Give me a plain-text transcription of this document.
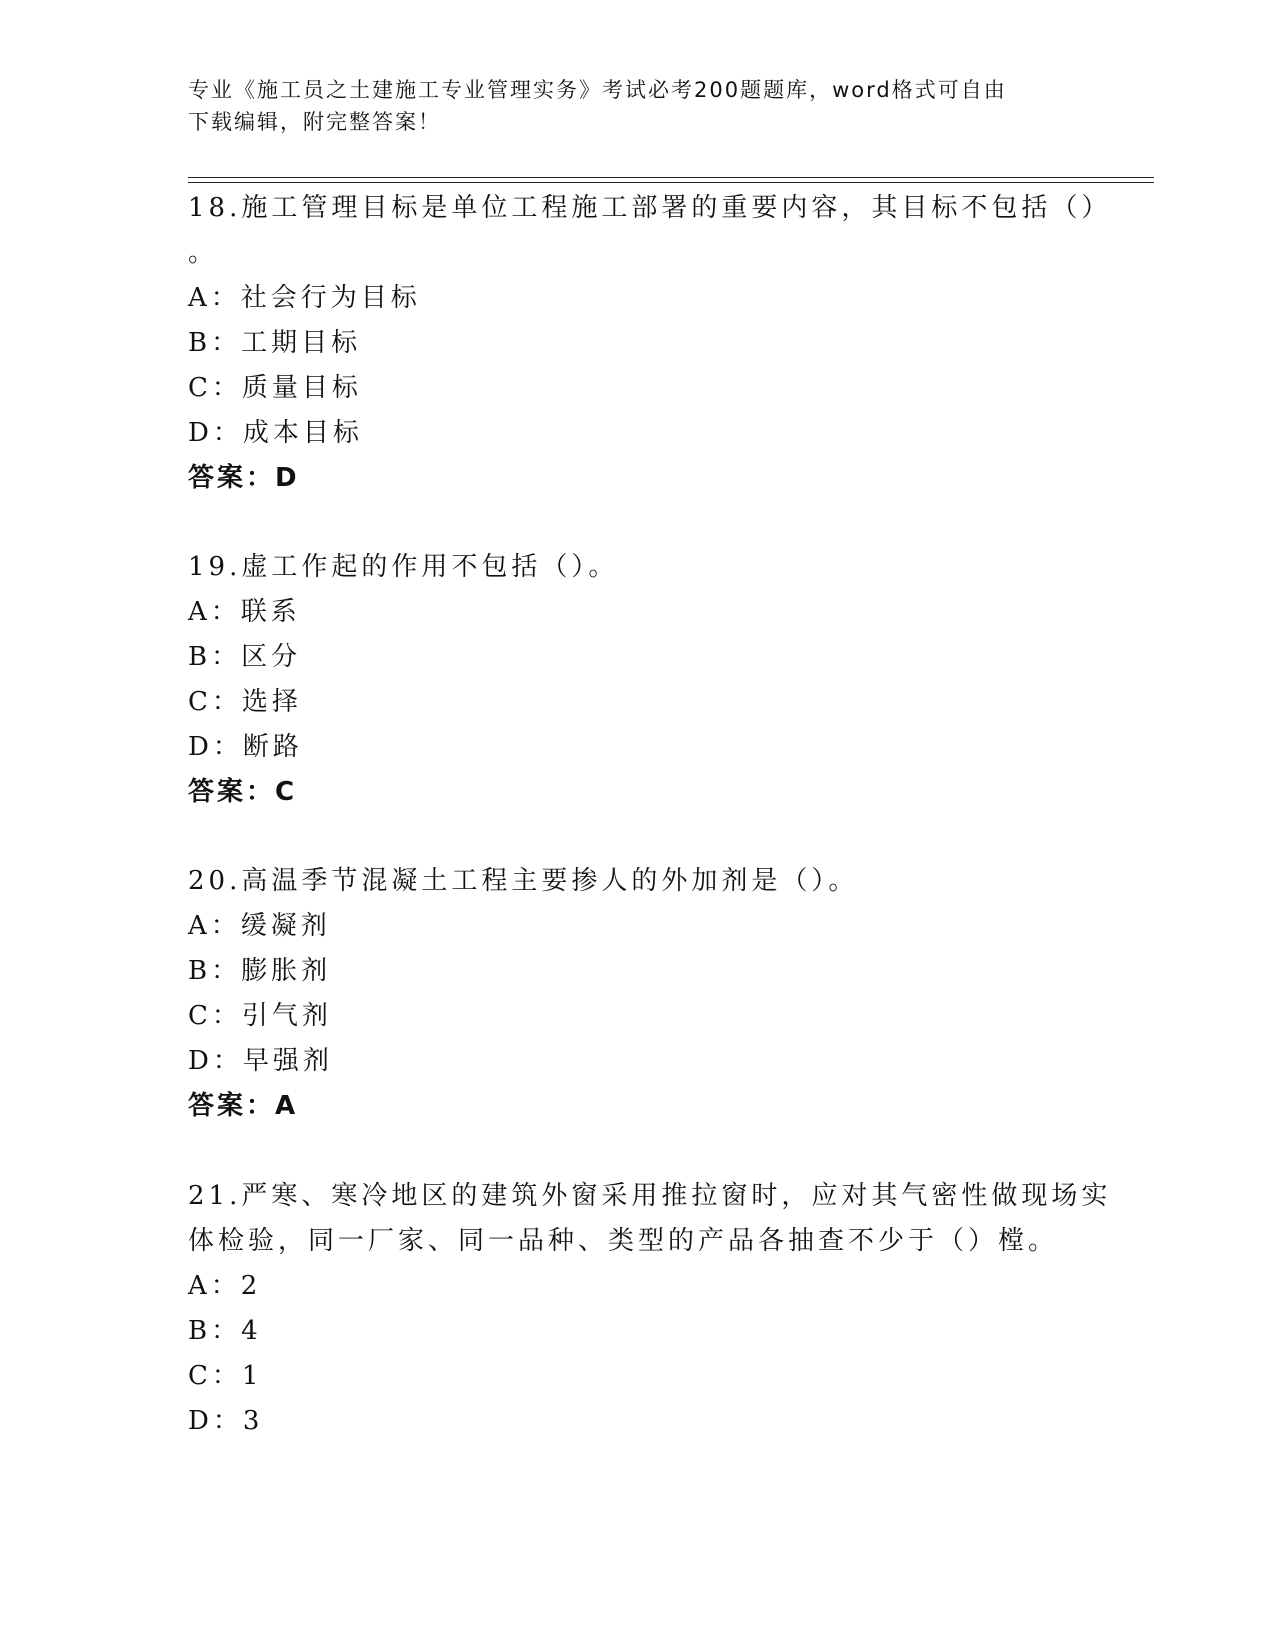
专业《施工员之土建施工专业管理实务》考试必考200题题库，word格式可自由
下载编辑，附完整答案！
18.施工管理目标是单位工程施工部署的重要内容，其目标不包括（）
。
A：社会行为目标
B：工期目标
C：质量目标
D：成本目标
答案：D
19.虚工作起的作用不包括（）。
A：联系
B：区分
C：选择
D：断路
答案：C
20.高温季节混凝土工程主要掺人的外加剂是（）。
A：缓凝剂
B：膨胀剂
C：引气剂
D：早强剂
答案：A
21.严寒、寒冷地区的建筑外窗采用推拉窗时，应对其气密性做现场实
体检验，同一厂家、同一品种、类型的产品各抽查不少于（）樘。
A：2
B：4
C：1
D：3
